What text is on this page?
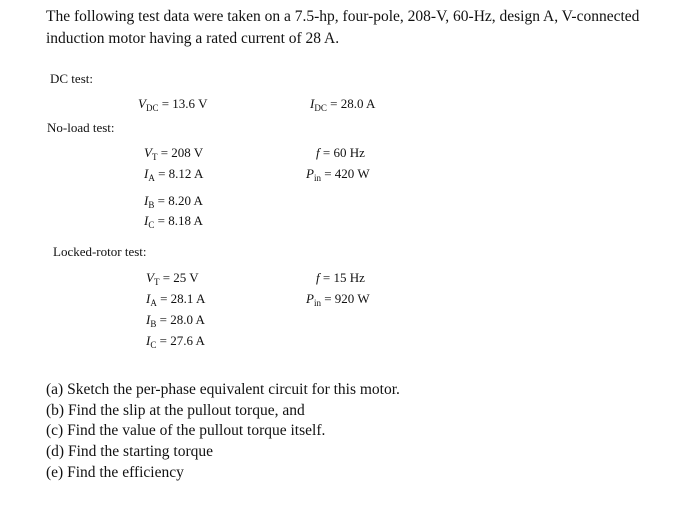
The following test data were taken on a 7.5-hp, four-pole, 208-V, 60-Hz, design A, V-connected
induction motor having a rated current of 28 A.
DC test:
$V_{DC} = 13.6$ V	$I_{DC} = 28.0$ A
No-load test:
$V_T = 208$ V
$I_A = 8.12$ A
$I_B = 8.20$ A
$I_C = 8.18$ A
f = 60 Hz
$P_{in} = 420$ W
Locked-rotor test:
$V_T = 25$ V
$I_A = 28.1$ A
$I_B = 28.0$ A
$I_C = 27.6$ A
f = 15 Hz
$P_{in} = 920$ W
(a) Sketch the per-phase equivalent circuit for this motor.
(b) Find the slip at the pullout torque, and
(c) Find the value of the pullout torque itself.
(d) Find the starting torque
(e) Find the efficiency
